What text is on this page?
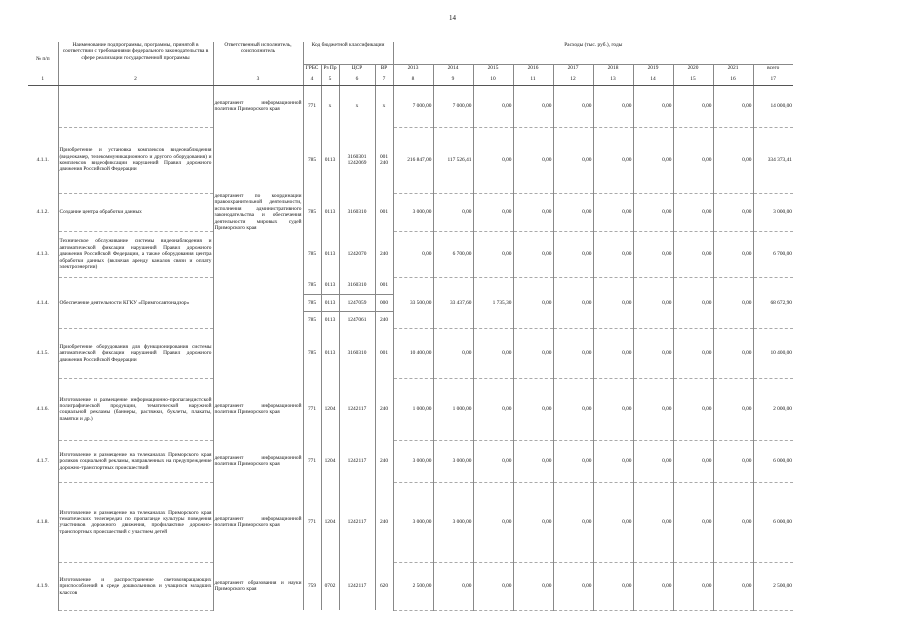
14
№ п/п	Наименование подпрограммы, программы, принятой в соответствии с требованиями федерального законодательства в сфере реализации государственной программы	Ответственный исполнитель, соисполнитель	Код бюджетной классификации				Расходы (тыс. руб.), годы									
			ГРБС	Рз Пр	ЦСР	ВР	2013	2014	2015	2016	2017	2018	2019	2020	2021	всего
1	2	3	4	5	6	7	8	9	10	11	12	13	14	15	16	17
		департамент информационной политики Приморского края	771	х	х	х	7 000,00	7 000,00	0,00	0,00	0,00	0,00	0,00	0,00	0,00	14 000,00
4.1.1.	Приобретение и установка комплексов видеонаблюдения (видеокамер, телекоммуникационного и другого оборудования) и комплексов видеофиксации нарушений Правил дорожного движения Российской Федерации		785	0113	3160301 1242069	001 240	216 847,00	117 526,41	0,00	0,00	0,00	0,00	0,00	0,00	0,00	334 373,41
4.1.2.	Создание центра обработки данных	департамент по координации правоохранительной деятельности, исполнения административного законодательства и обеспечения деятельности мировых судей Приморского края	785	0113	3160310	001	3 000,00	0,00	0,00	0,00	0,00	0,00	0,00	0,00	0,00	3 000,00
4.1.3.	Техническое обслуживание системы видеонаблюдения и автоматической фиксации нарушений Правил дорожного движения Российской Федерации, а также оборудования центра обработки данных (включая аренду каналов связи и оплату электроэнергии)		785	0113	1242070	240	0,00	6 700,00	0,00	0,00	0,00	0,00	0,00	0,00	0,00	6 700,00
4.1.4.	Обеспечение деятельности КГКУ «Примгосавтонадзор»		785	0113	3160310	001	33 500,00	33 437,60	1 735,30	0,00	0,00	0,00	0,00	0,00	0,00	68 672,90
			785	0113	1247059	000										
			785	0113	1247061	240										
4.1.5.	Приобретение оборудования для функционирования системы автоматической фиксации нарушений Правил дорожного движения Российской Федерации		785	0113	3160310	001	10 400,00	0,00	0,00	0,00	0,00	0,00	0,00	0,00	0,00	10 400,00
4.1.6.	Изготовление и размещение информационно-пропагандистской полиграфической продукции, тематической наружной социальной рекламы (баннеры, растяжки, буклеты, плакаты, памятки и др.)	департамент информационной политики Приморского края	771	1204	1242117	240	1 000,00	1 000,00	0,00	0,00	0,00	0,00	0,00	0,00	0,00	2 000,00
4.1.7.	Изготовление и размещение на телеканалах Приморского края роликов социальной рекламы, направленных на предупреждение дорожно-транспортных происшествий	департамент информационной политики Приморского края	771	1204	1242117	240	3 000,00	3 000,00	0,00	0,00	0,00	0,00	0,00	0,00	0,00	6 000,00
4.1.8.	Изготовление и размещение на телеканалах Приморского края тематических телепередач по пропаганде культуры поведения участников дорожного движения, профилактике дорожно-транспортных происшествий с участием детей	департамент информационной политики Приморского края	771	1204	1242117	240	3 000,00	3 000,00	0,00	0,00	0,00	0,00	0,00	0,00	0,00	6 000,00
4.1.9.	Изготовление и распространение световозвращающих приспособлений в среде дошкольников и учащихся младших классов	департамент образования и науки Приморского края	759	0702	1242117	620	2 500,00	0,00	0,00	0,00	0,00	0,00	0,00	0,00	0,00	2 500,00
